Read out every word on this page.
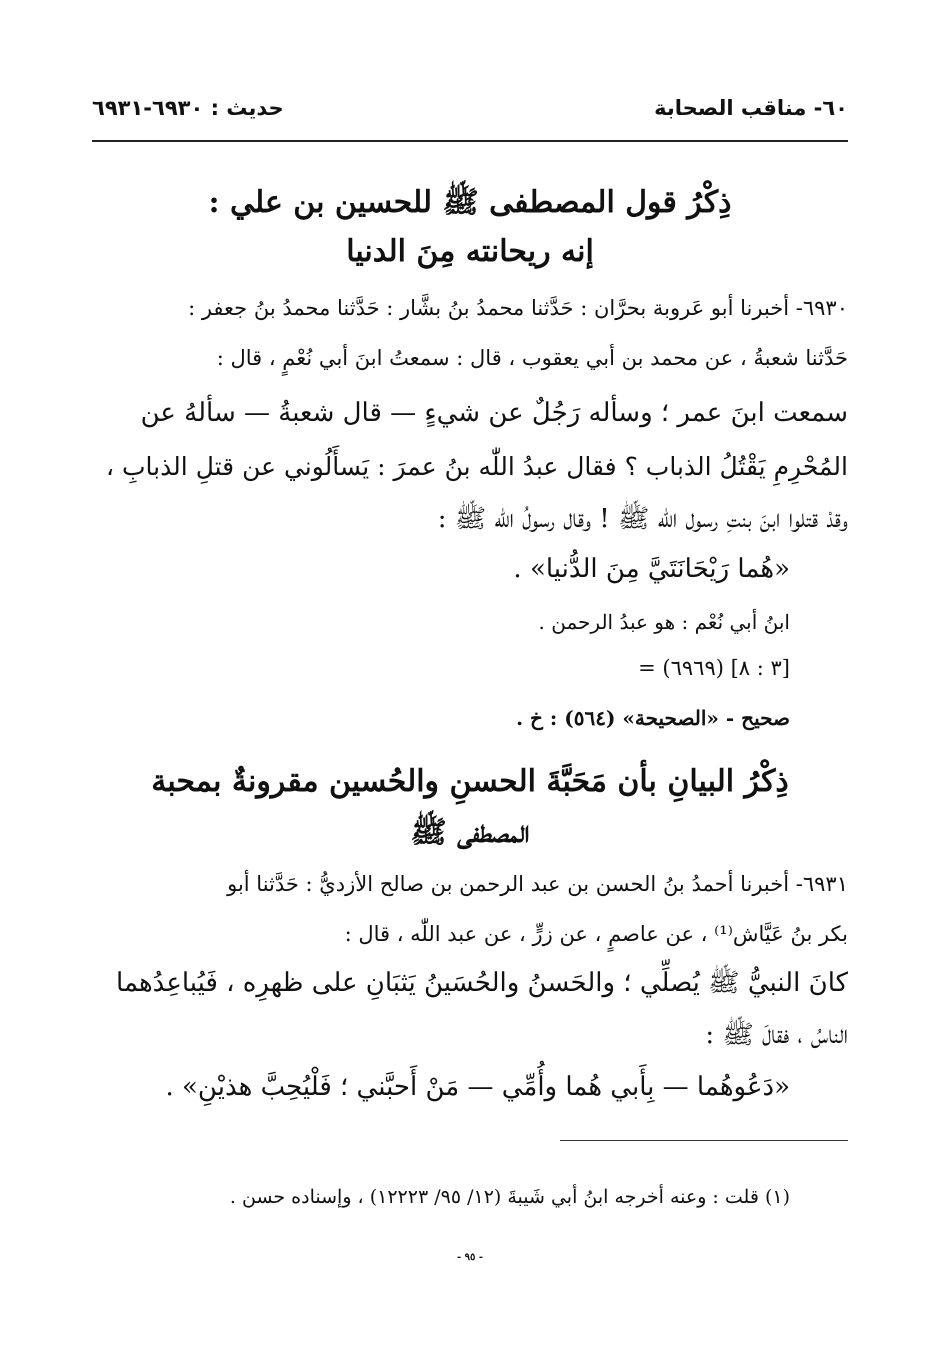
٦٠- مناقب الصحابة
حديث : ٦٩٣٠-٦٩٣١
ذِكْرُ قول المصطفى ﷺ للحسين بن علي :
إنه ريحانته مِنَ الدنيا
٦٩٣٠- أخبرنا أبو عَروبة بحرَّان : حَدَّثنا محمدُ بنُ بشَّار : حَدَّثنا محمدُ بنُ جعفر :
حَدَّثنا شعبةُ ، عن محمد بن أبي يعقوب ، قال : سمعتُ ابنَ أبي نُعْمٍ ، قال :
سمعت ابنَ عمر ؛ وسأله رَجُلٌ عن شيءٍ — قال شعبةُ — سألهُ عن
المُحْرِمِ يَقْتُلُ الذباب ؟ فقال عبدُ اللّٰه بنُ عمرَ : يَسأَلُوني عن قتلِ الذبابِ ،
وقدْ قتلوا ابنَ بنتِ رسول اللّٰه ﷺ ! وقال رسولُ اللّٰه ﷺ :
«هُما رَيْحَانَتَيَّ مِنَ الدُّنيا» .
ابنُ أبي نُعْم : هو عبدُ الرحمن .
= (٦٩٦٩) [٣ : ٨]
صحيح - «الصحيحة» (٥٦٤) : خ .
ذِكْرُ البيانِ بأن مَحَبَّةَ الحسنِ والحُسين مقرونةٌ بمحبة
المصطفى ﷺ
٦٩٣١- أخبرنا أحمدُ بنُ الحسن بن عبد الرحمن بن صالح الأزديُّ : حَدَّثنا أبو
بكر بنُ عَيَّاش⁽¹⁾ ، عن عاصمٍ ، عن زرٍّ ، عن عبد اللّٰه ، قال :
كانَ النبيُّ ﷺ يُصلِّي ؛ والحَسنُ والحُسَينُ يَثبَانِ على ظهرِه ، فَيُباعِدُهما
الناسُ ، فقالَ ﷺ :
«دَعُوهُما — بِأَبي هُما وأُمِّي — مَنْ أَحبَّني ؛ فَلْيُحِبَّ هذيْنِ» .
(١) قلت : وعنه أخرجه ابنُ أبي شَيبةَ (١٢/ ٩٥/ ١٢٢٢٣) ، وإسناده حسن .
- ٩٥ -
